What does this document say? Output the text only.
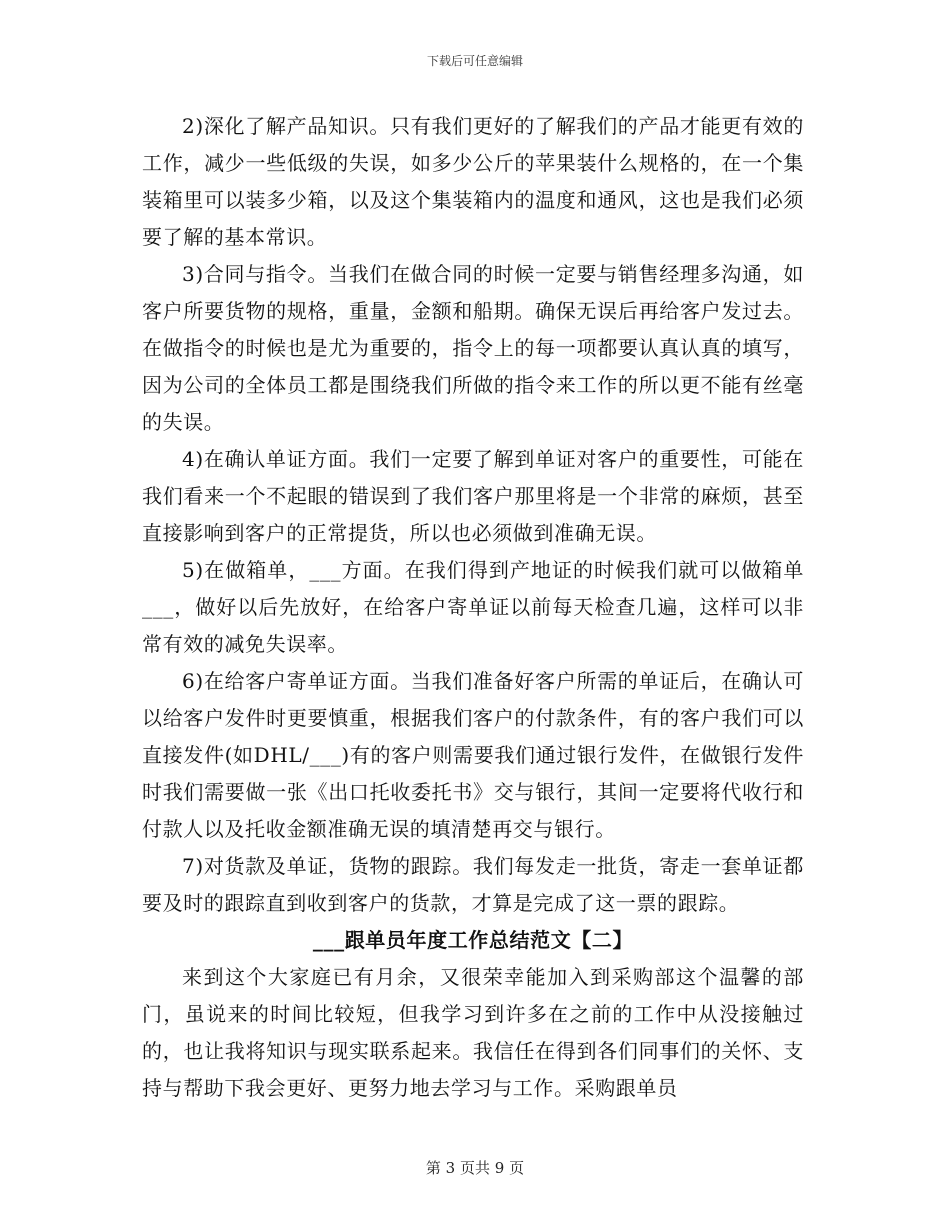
下载后可任意编辑

2)深化了解产品知识。只有我们更好的了解我们的产品才能更有效的工作，减少一些低级的失误，如多少公斤的苹果装什么规格的，在一个集装箱里可以装多少箱，以及这个集装箱内的温度和通风，这也是我们必须要了解的基本常识。

3)合同与指令。当我们在做合同的时候一定要与销售经理多沟通，如客户所要货物的规格，重量，金额和船期。确保无误后再给客户发过去。在做指令的时候也是尤为重要的，指令上的每一项都要认真认真的填写，因为公司的全体员工都是围绕我们所做的指令来工作的所以更不能有丝毫的失误。

4)在确认单证方面。我们一定要了解到单证对客户的重要性，可能在我们看来一个不起眼的错误到了我们客户那里将是一个非常的麻烦，甚至直接影响到客户的正常提货，所以也必须做到准确无误。

5)在做箱单，___方面。在我们得到产地证的时候我们就可以做箱单___，做好以后先放好，在给客户寄单证以前每天检查几遍，这样可以非常有效的减免失误率。

6)在给客户寄单证方面。当我们准备好客户所需的单证后，在确认可以给客户发件时更要慎重，根据我们客户的付款条件，有的客户我们可以直接发件(如DHL/___)有的客户则需要我们通过银行发件，在做银行发件时我们需要做一张《出口托收委托书》交与银行，其间一定要将代收行和付款人以及托收金额准确无误的填清楚再交与银行。

7)对货款及单证，货物的跟踪。我们每发走一批货，寄走一套单证都要及时的跟踪直到收到客户的货款，才算是完成了这一票的跟踪。

___跟单员年度工作总结范文【二】

来到这个大家庭已有月余，又很荣幸能加入到采购部这个温馨的部门，虽说来的时间比较短，但我学习到许多在之前的工作中从没接触过的，也让我将知识与现实联系起来。我信任在得到各们同事们的关怀、支持与帮助下我会更好、更努力地去学习与工作。采购跟单员

第 3 页共 9 页
